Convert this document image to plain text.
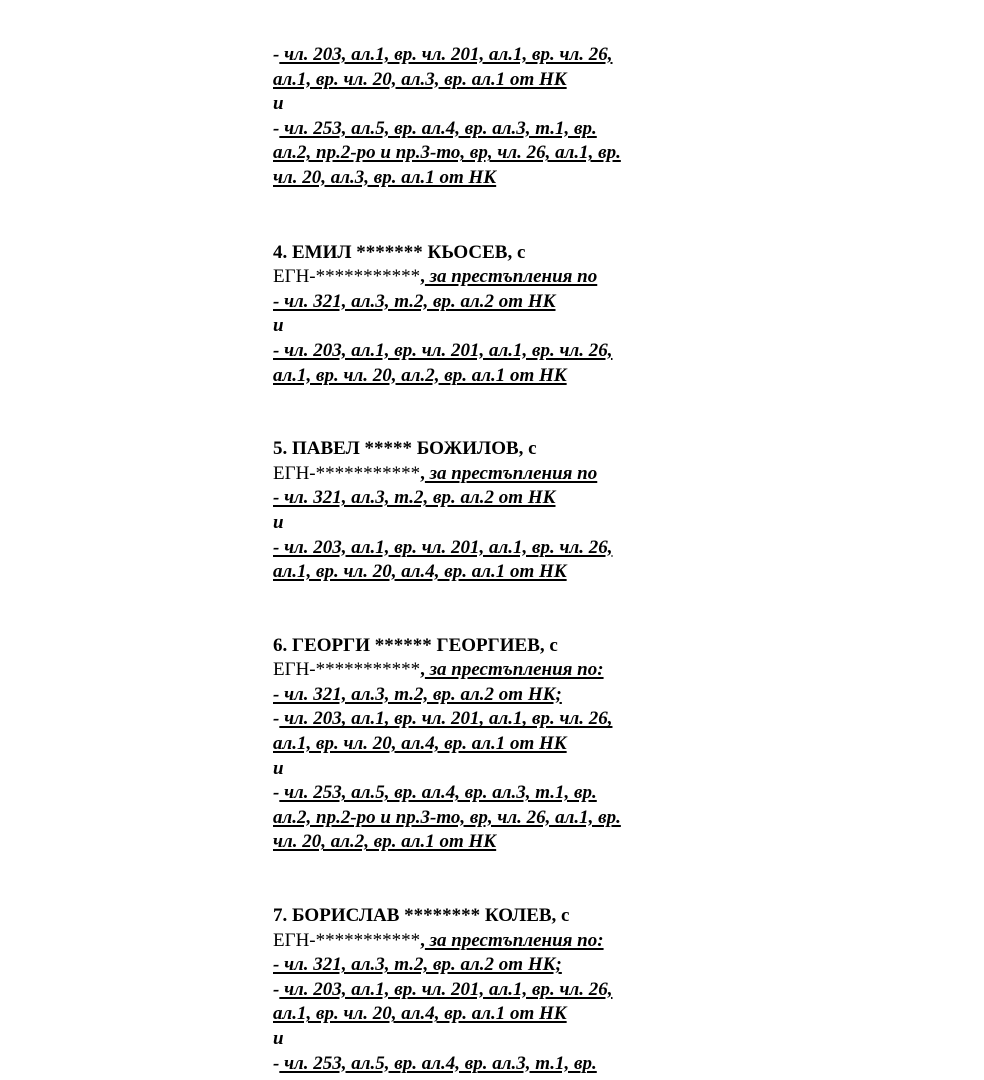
- чл. 203, ал.1, вр. чл. 201, ал.1, вр. чл. 26,
ал.1, вр. чл. 20, ал.3, вр. ал.1 от НК
и
- чл. 253, ал.5, вр. ал.4, вр. ал.3, т.1, вр.
ал.2, пр.2-ро и пр.3-то, вр, чл. 26, ал.1, вр.
чл. 20, ал.3, вр. ал.1 от НК
4. ЕМИЛ ******* КЬОСЕВ, с
ЕГН-***********, за престъпления по
- чл. 321, ал.3, т.2, вр. ал.2 от НК
и
- чл. 203, ал.1, вр. чл. 201, ал.1, вр. чл. 26,
ал.1, вр. чл. 20, ал.2, вр. ал.1 от НК
5. ПАВЕЛ ***** БОЖИЛОВ, с
ЕГН-***********, за престъпления по
- чл. 321, ал.3, т.2, вр. ал.2 от НК
и
- чл. 203, ал.1, вр. чл. 201, ал.1, вр. чл. 26,
ал.1, вр. чл. 20, ал.4, вр. ал.1 от НК
6. ГЕОРГИ ****** ГЕОРГИЕВ, с
ЕГН-***********, за престъпления по:
- чл. 321, ал.3, т.2, вр. ал.2 от НК;
- чл. 203, ал.1, вр. чл. 201, ал.1, вр. чл. 26,
ал.1, вр. чл. 20, ал.4, вр. ал.1 от НК
и
- чл. 253, ал.5, вр. ал.4, вр. ал.3, т.1, вр.
ал.2, пр.2-ро и пр.3-то, вр, чл. 26, ал.1, вр.
чл. 20, ал.2, вр. ал.1 от НК
7. БОРИСЛАВ ******** КОЛЕВ, с
ЕГН-***********, за престъпления по:
- чл. 321, ал.3, т.2, вр. ал.2 от НК;
- чл. 203, ал.1, вр. чл. 201, ал.1, вр. чл. 26,
ал.1, вр. чл. 20, ал.4, вр. ал.1 от НК
и
- чл. 253, ал.5, вр. ал.4, вр. ал.3, т.1, вр.
